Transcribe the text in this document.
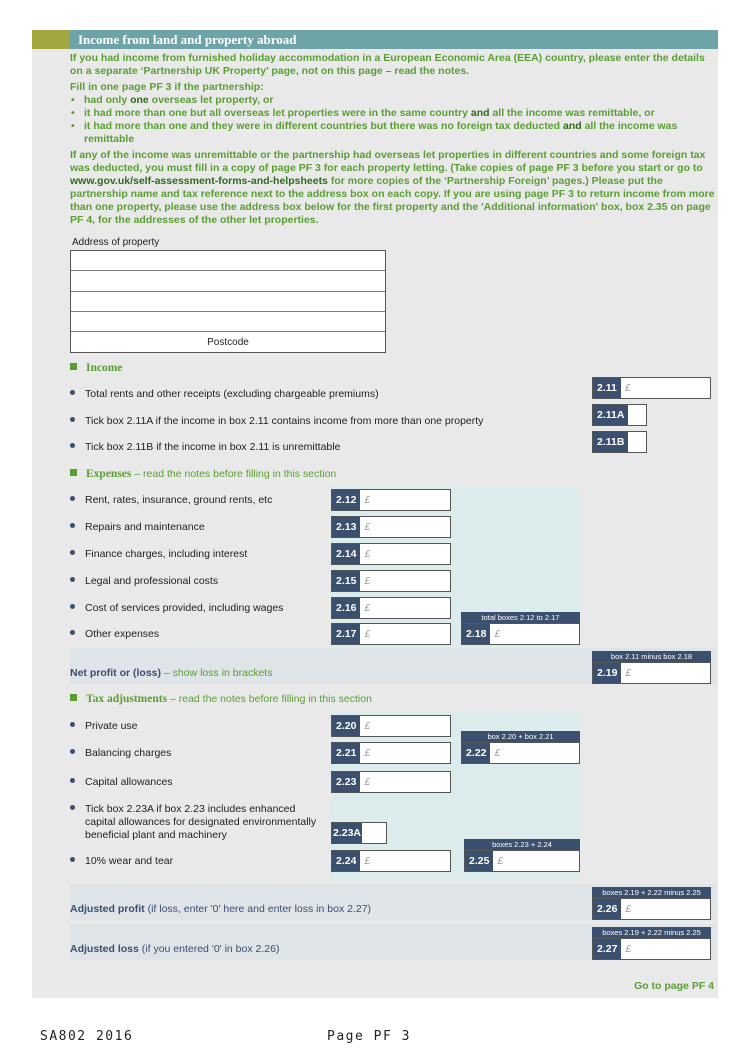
Income from land and property abroad

If you had income from furnished holiday accommodation in a European Economic Area (EEA) country, please enter the details on a separate ‘Partnership UK Property’ page, not on this page – read the notes.

Fill in one page PF 3 if the partnership:

• had only one overseas let property, or
• it had more than one but all overseas let properties were in the same country and all the income was remittable, or
• it had more than one and they were in different countries but there was no foreign tax deducted and all the income was remittable

If any of the income was unremittable or the partnership had overseas let properties in different countries and some foreign tax was deducted, you must fill in a copy of page PF 3 for each property letting. (Take copies of page PF 3 before you start or go to www.gov.uk/self-assessment-forms-and-helpsheets for more copies of the ‘Partnership Foreign’ pages.) Please put the partnership name and tax reference next to the address box on each copy. If you are using page PF 3 to return income from more than one property, please use the address box below for the first property and the 'Additional information' box, box 2.35 on page PF 4, for the addresses of the other let properties.

Address of property
Postcode
Income
Total rents and other receipts (excluding chargeable premiums)	2.11 £
Tick box 2.11A if the income in box 2.11 contains income from more than one property	2.11A
Tick box 2.11B if the income in box 2.11 is unremittable	2.11B
Expenses – read the notes before filling in this section
Rent, rates, insurance, ground rents, etc	2.12 £
Repairs and maintenance	2.13 £
Finance charges, including interest	2.14 £
Legal and professional costs	2.15 £
Cost of services provided, including wages	2.16 £
Other expenses	2.17 £
total boxes 2.12 to 2.17
2.18 £
Net profit or (loss) – show loss in brackets
box 2.11 minus box 2.18
2.19 £
Tax adjustments – read the notes before filling in this section
Private use	2.20 £
Balancing charges	2.21 £
box 2.20 + box 2.21
2.22 £
Capital allowances	2.23 £
Tick box 2.23A if box 2.23 includes enhanced capital allowances for designated environmentally beneficial plant and machinery	2.23A
10% wear and tear	2.24 £
boxes 2.23 + 2.24
2.25 £
Adjusted profit (if loss, enter '0' here and enter loss in box 2.27)
boxes 2.19 + 2.22 minus 2.25
2.26 £
Adjusted loss (if you entered '0' in box 2.26)
boxes 2.19 + 2.22 minus 2.25
2.27 £
Go to page PF 4
SA802 2016	Page PF 3
